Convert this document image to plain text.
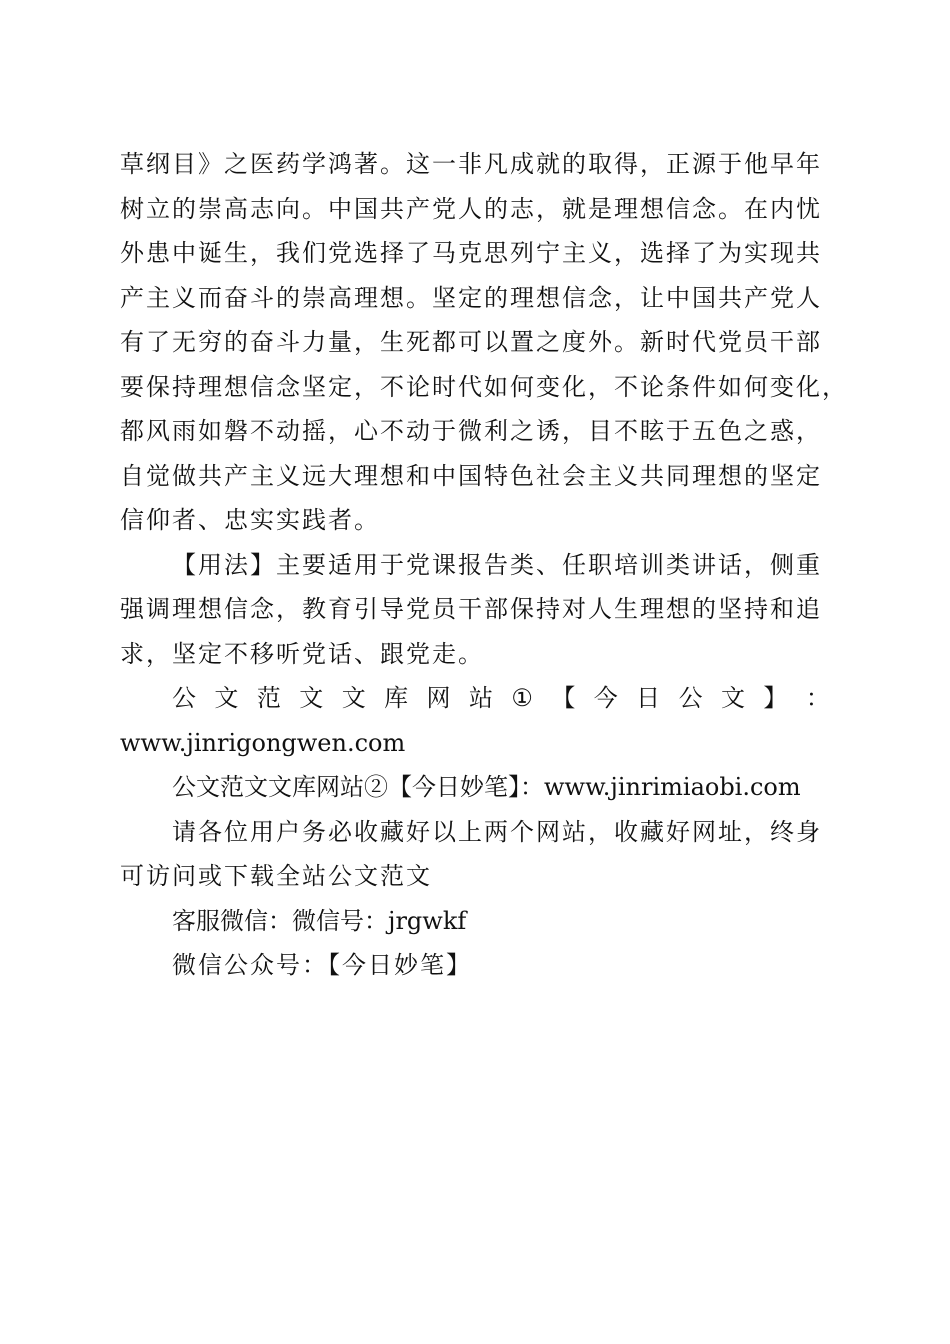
草纲目》之医药学鸿著。这一非凡成就的取得，正源于他早年
树立的崇高志向。中国共产党人的志，就是理想信念。在内忧
外患中诞生，我们党选择了马克思列宁主义，选择了为实现共
产主义而奋斗的崇高理想。坚定的理想信念，让中国共产党人
有了无穷的奋斗力量，生死都可以置之度外。新时代党员干部
要保持理想信念坚定，不论时代如何变化，不论条件如何变化，
都风雨如磐不动摇，心不动于微利之诱，目不眩于五色之惑，
自觉做共产主义远大理想和中国特色社会主义共同理想的坚定
信仰者、忠实实践者。
【用法】主要适用于党课报告类、任职培训类讲话，侧重
强调理想信念，教育引导党员干部保持对人生理想的坚持和追
求，坚定不移听党话、跟党走。
公 文 范 文 文 库 网 站 ① 【 今 日 公 文 】 ：
www.jinrigongwen.com
公文范文文库网站②【今日妙笔】：www.jinrimiaobi.com
请各位用户务必收藏好以上两个网站，收藏好网址，终身
可访问或下载全站公文范文
客服微信：微信号：jrgwkf
微信公众号：【今日妙笔】
